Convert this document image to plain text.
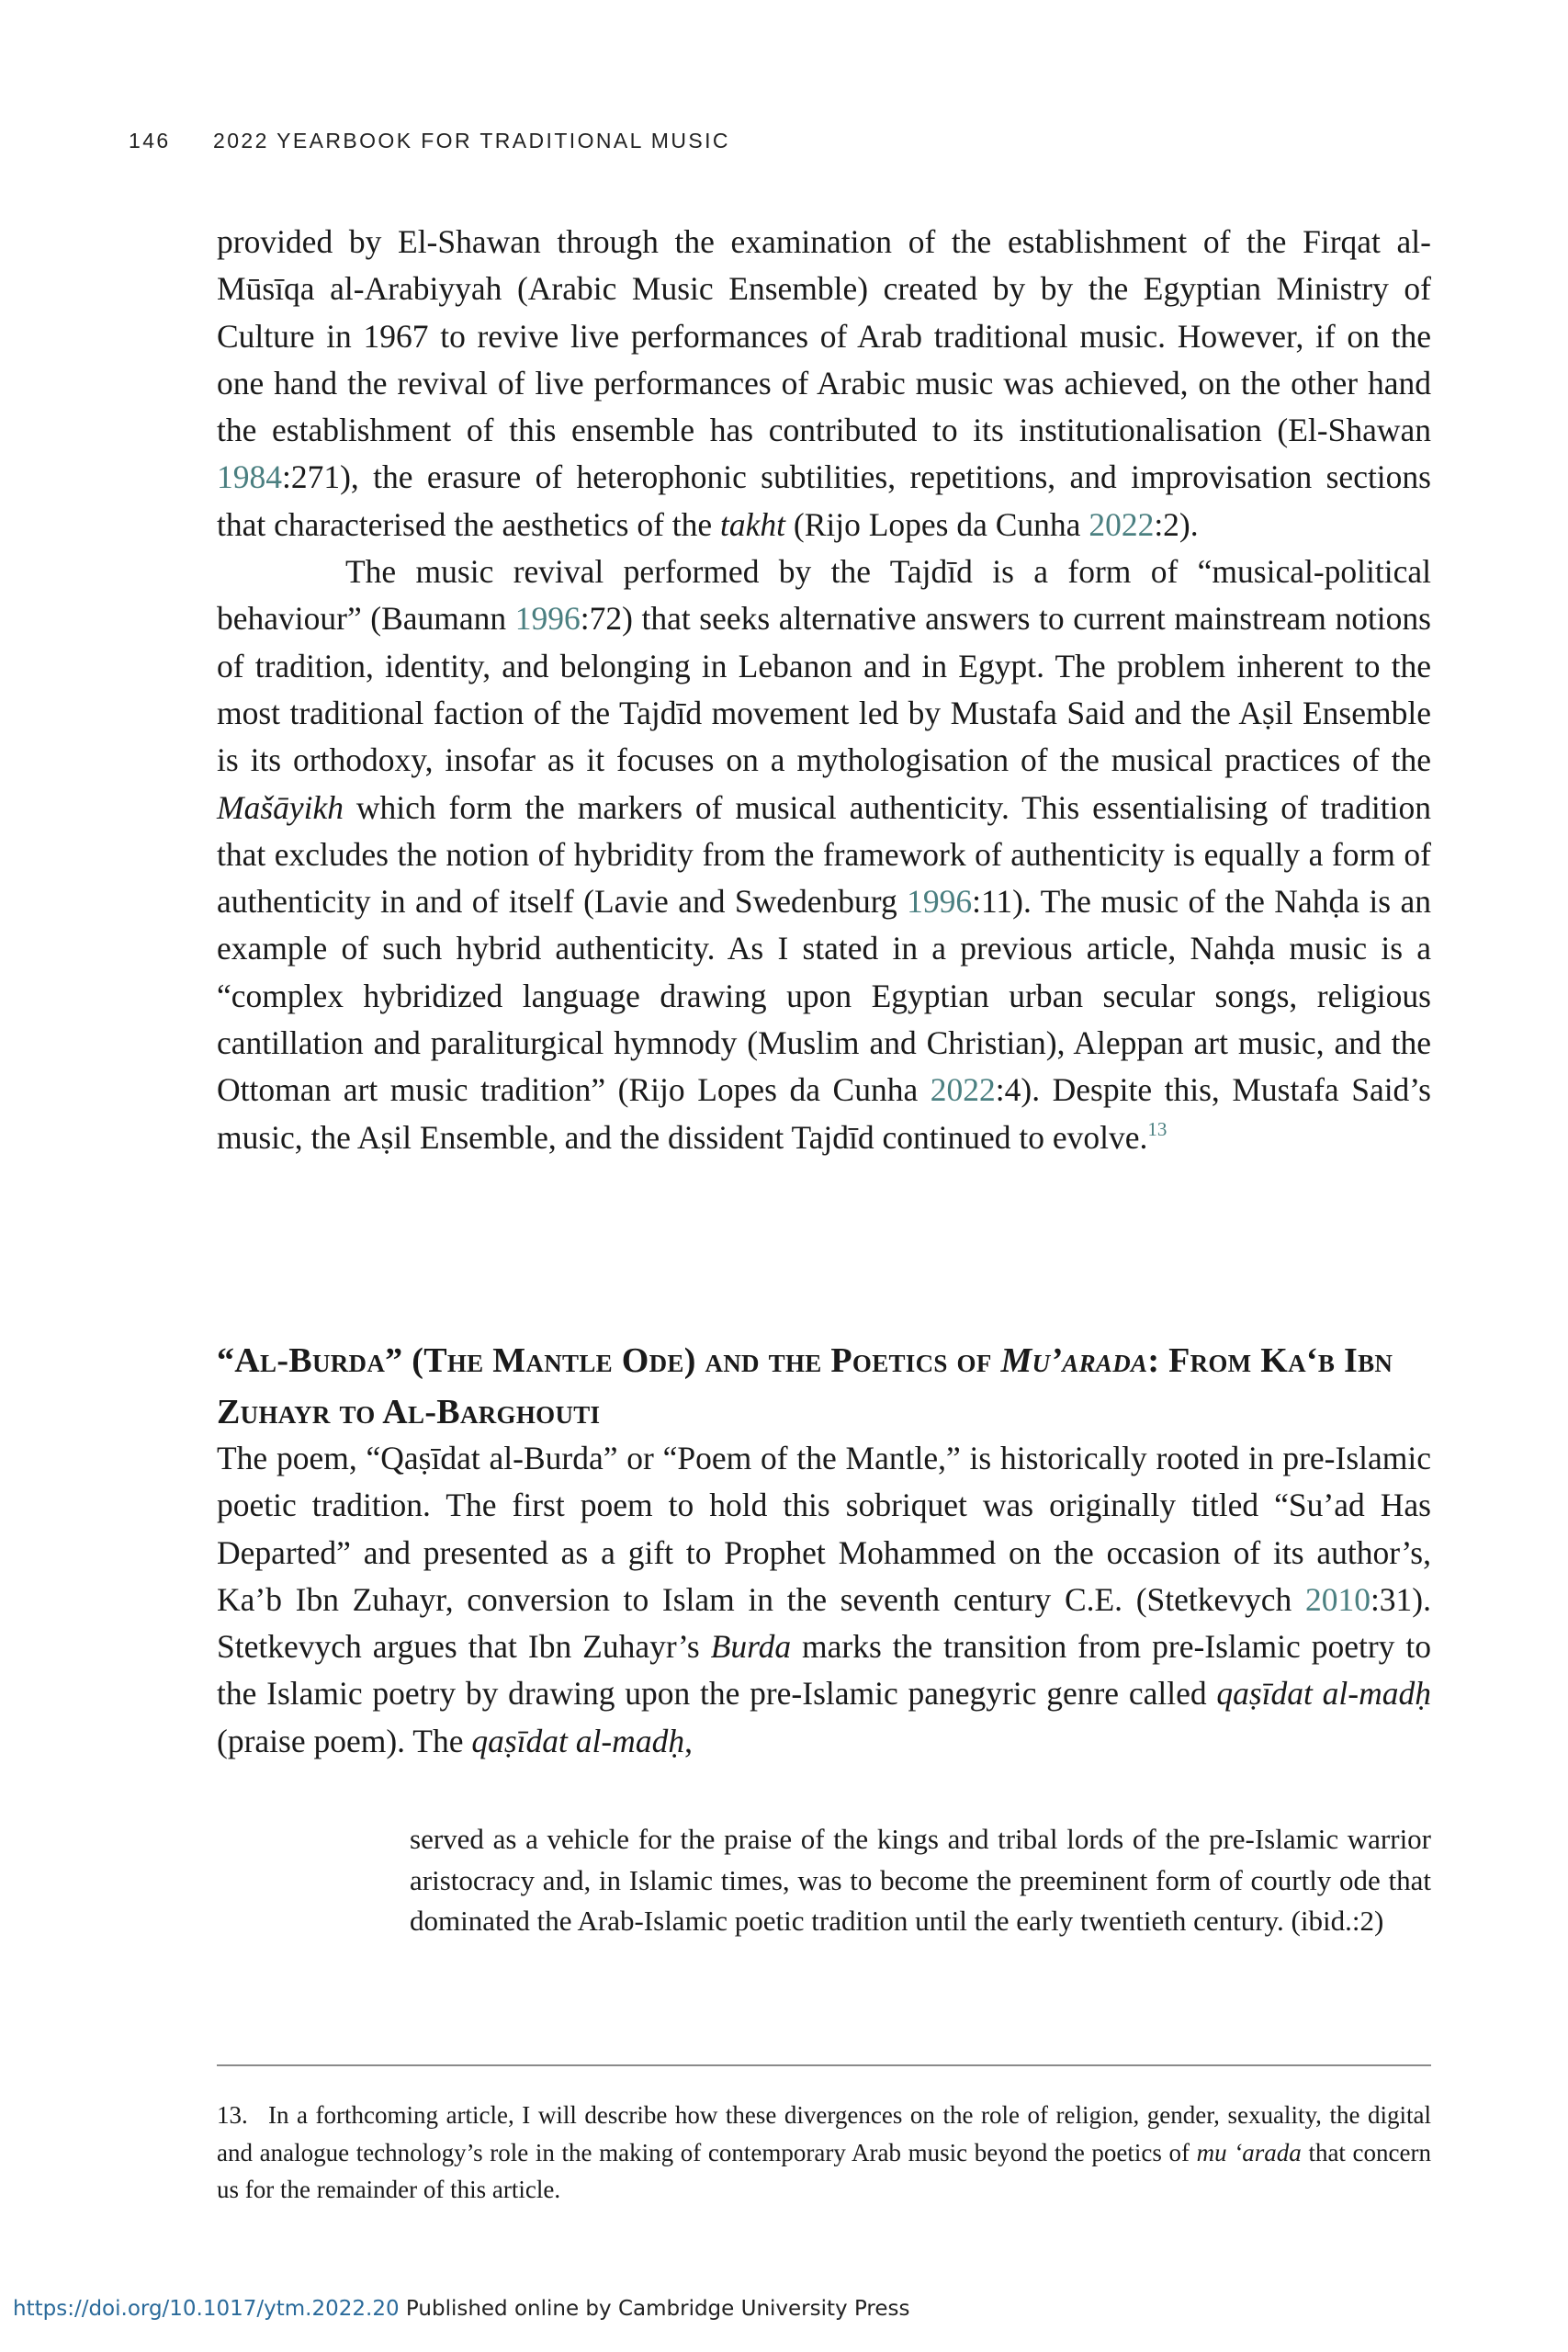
146 2022 YEARBOOK FOR TRADITIONAL MUSIC

provided by El-Shawan through the examination of the establishment of the Firqat al-Mūsīqa al-Arabiyyah (Arabic Music Ensemble) created by by the Egyptian Ministry of Culture in 1967 to revive live performances of Arab traditional music. However, if on the one hand the revival of live performances of Arabic music was achieved, on the other hand the establishment of this ensemble has contributed to its institutionalisation (El-Shawan 1984:271), the erasure of heterophonic subtilities, repetitions, and improvisation sections that characterised the aesthetics of the takht (Rijo Lopes da Cunha 2022:2).

The music revival performed by the Tajdīd is a form of “musical-political behaviour” (Baumann 1996:72) that seeks alternative answers to current mainstream notions of tradition, identity, and belonging in Lebanon and in Egypt. The problem inherent to the most traditional faction of the Tajdīd movement led by Mustafa Said and the Aṣil Ensemble is its orthodoxy, insofar as it focuses on a mythologisation of the musical practices of the Mašāyikh which form the markers of musical authenticity. This essentialising of tradition that excludes the notion of hybridity from the framework of authenticity is equally a form of authenticity in and of itself (Lavie and Swedenburg 1996:11). The music of the Nahḍa is an example of such hybrid authenticity. As I stated in a previous article, Nahḍa music is a “complex hybridized language drawing upon Egyptian urban secular songs, religious cantillation and paraliturgical hymnody (Muslim and Christian), Aleppan art music, and the Ottoman art music tradition” (Rijo Lopes da Cunha 2022:4). Despite this, Mustafa Said’s music, the Aṣil Ensemble, and the dissident Tajdīd continued to evolve.$^{13}$

“Al-Burda” (The Mantle Ode) and the Poetics of Mu’arada: From Ka‘b Ibn Zuhayr to Al-Barghouti

The poem, “Qaṣīdat al-Burda” or “Poem of the Mantle,” is historically rooted in pre-Islamic poetic tradition. The first poem to hold this sobriquet was originally titled “Su’ad Has Departed” and presented as a gift to Prophet Mohammed on the occasion of its author’s, Ka’b Ibn Zuhayr, conversion to Islam in the seventh century C.E. (Stetkevych 2010:31). Stetkevych argues that Ibn Zuhayr’s Burda marks the transition from pre-Islamic poetry to the Islamic poetry by drawing upon the pre-Islamic panegyric genre called qaṣīdat al-madḥ (praise poem). The qaṣīdat al-madḥ,

served as a vehicle for the praise of the kings and tribal lords of the pre-Islamic warrior aristocracy and, in Islamic times, was to become the preeminent form of courtly ode that dominated the Arab-Islamic poetic tradition until the early twentieth century. (ibid.:2)
13. In a forthcoming article, I will describe how these divergences on the role of religion, gender, sexuality, the digital and analogue technology’s role in the making of contemporary Arab music beyond the poetics of mu ‘arada that concern us for the remainder of this article.
https://doi.org/10.1017/ytm.2022.20 Published online by Cambridge University Press
